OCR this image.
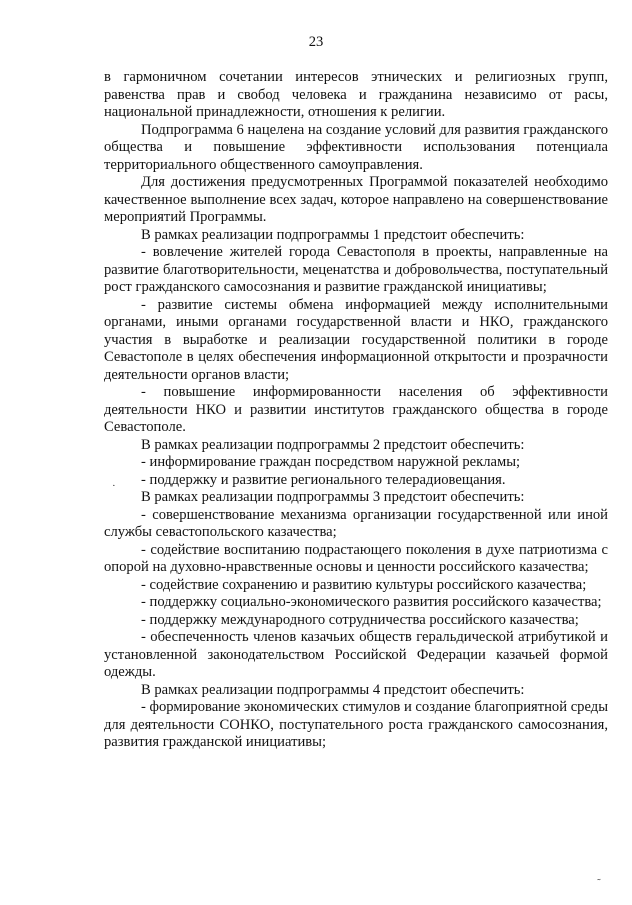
23

в гармоничном сочетании интересов этнических и религиозных групп, равенства прав и свобод человека и гражданина независимо от расы, национальной принадлежности, отношения к религии.

Подпрограмма 6 нацелена на создание условий для развития гражданского общества и повышение эффективности использования потенциала территориального общественного самоуправления.

Для достижения предусмотренных Программой показателей необходимо качественное выполнение всех задач, которое направлено на совершенствование мероприятий Программы.

В рамках реализации подпрограммы 1 предстоит обеспечить:

- вовлечение жителей города Севастополя в проекты, направленные на развитие благотворительности, меценатства и добровольчества, поступательный рост гражданского самосознания и развитие гражданской инициативы;

- развитие системы обмена информацией между исполнительными органами, иными органами государственной власти и НКО, гражданского участия в выработке и реализации государственной политики в городе Севастополе в целях обеспечения информационной открытости и прозрачности деятельности органов власти;

- повышение информированности населения об эффективности деятельности НКО и развитии институтов гражданского общества в городе Севастополе.

В рамках реализации подпрограммы 2 предстоит обеспечить:

- информирование граждан посредством наружной рекламы;

- поддержку и развитие регионального телерадиовещания.

В рамках реализации подпрограммы 3 предстоит обеспечить:

- совершенствование механизма организации государственной или иной службы севастопольского казачества;

- содействие воспитанию подрастающего поколения в духе патриотизма с опорой на духовно-нравственные основы и ценности российского казачества;

- содействие сохранению и развитию культуры российского казачества;

- поддержку социально-экономического развития российского казачества;

- поддержку международного сотрудничества российского казачества;

- обеспеченность членов казачьих обществ геральдической атрибутикой и установленной законодательством Российской Федерации казачьей формой одежды.

В рамках реализации подпрограммы 4 предстоит обеспечить:

- формирование экономических стимулов и создание благоприятной среды для деятельности СОНКО, поступательного роста гражданского самосознания, развития гражданской инициативы;

·
˜
